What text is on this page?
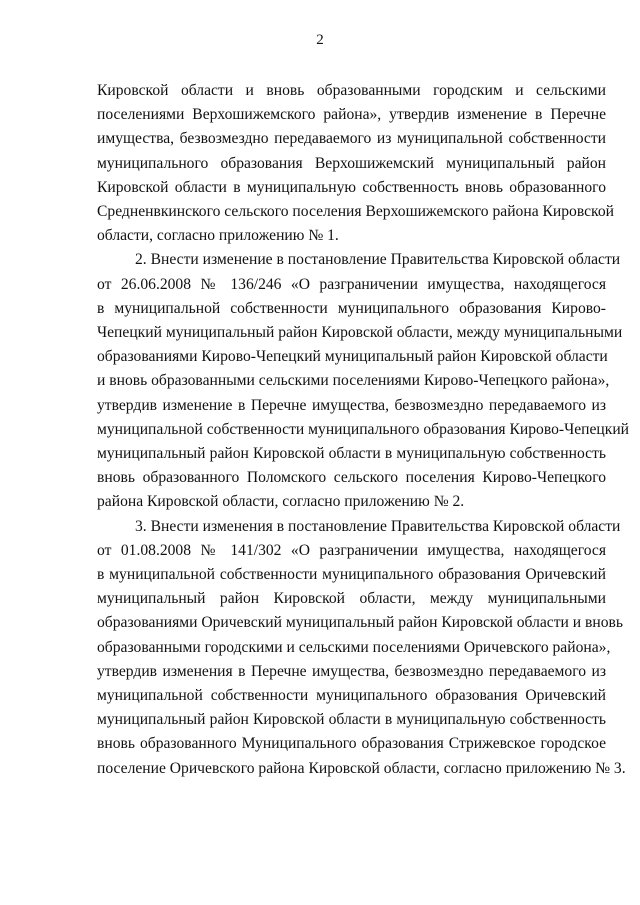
2

Кировской области и вновь образованными городским и сельскими
поселениями Верхошижемского района», утвердив изменение в Перечне
имущества, безвозмездно передаваемого из муниципальной собственности
муниципального образования Верхошижемский муниципальный район
Кировской области в муниципальную собственность вновь образованного
Средненвкинского сельского поселения Верхошижемского района Кировской
области, согласно приложению № 1.

2. Внести изменение в постановление Правительства Кировской области
от 26.06.2008 № 136/246 «О разграничении имущества, находящегося
в муниципальной собственности муниципального образования Кирово-
Чепецкий муниципальный район Кировской области, между муниципальными
образованиями Кирово-Чепецкий муниципальный район Кировской области
и вновь образованными сельскими поселениями Кирово-Чепецкого района»,
утвердив изменение в Перечне имущества, безвозмездно передаваемого из
муниципальной собственности муниципального образования Кирово-Чепецкий
муниципальный район Кировской области в муниципальную собственность
вновь образованного Поломского сельского поселения Кирово-Чепецкого
района Кировской области, согласно приложению № 2.

3. Внести изменения в постановление Правительства Кировской области
от 01.08.2008 № 141/302 «О разграничении имущества, находящегося
в муниципальной собственности муниципального образования Оричевский
муниципальный район Кировской области, между муниципальными
образованиями Оричевский муниципальный район Кировской области и вновь
образованными городскими и сельскими поселениями Оричевского района»,
утвердив изменения в Перечне имущества, безвозмездно передаваемого из
муниципальной собственности муниципального образования Оричевский
муниципальный район Кировской области в муниципальную собственность
вновь образованного Муниципального образования Стрижевское городское
поселение Оричевского района Кировской области, согласно приложению № 3.
